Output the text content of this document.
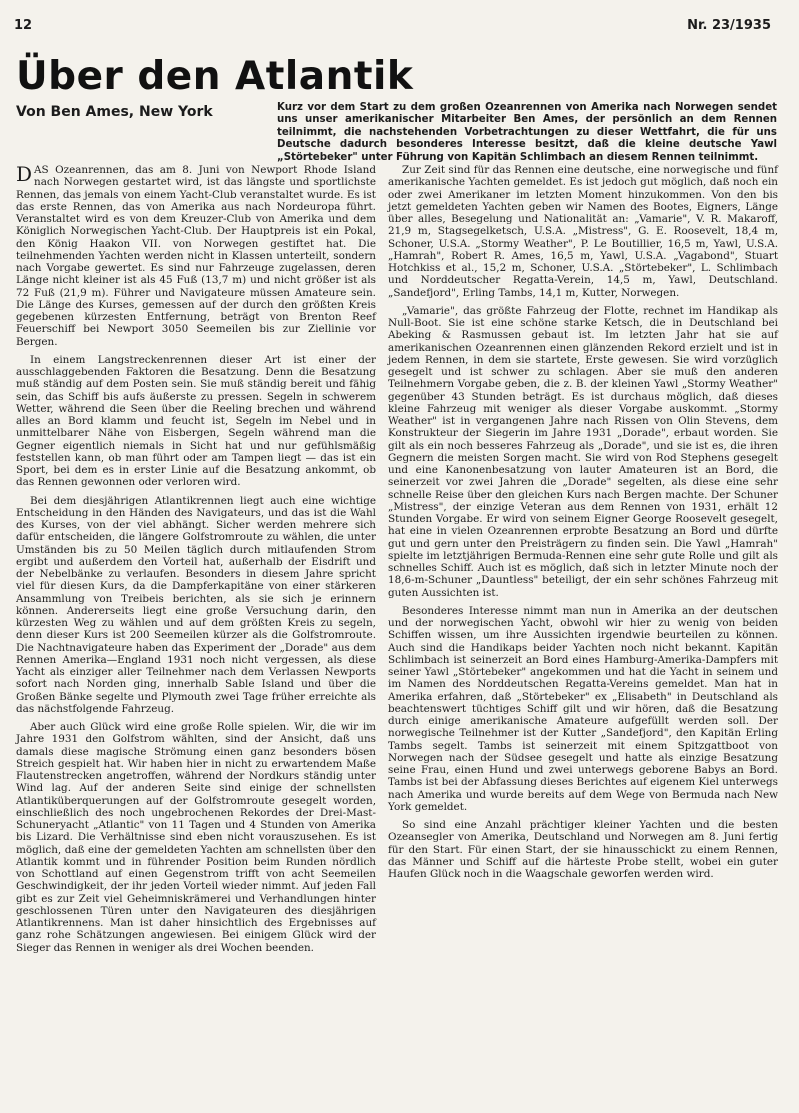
12	Nr. 23/1935
Über den Atlantik
Von Ben Ames, New York	Kurz vor dem Start zu dem großen Ozeanrennen von Amerika nach Norwegen sendet uns unser amerikanischer Mitarbeiter Ben Ames, der persönlich an dem Rennen teilnimmt, die nachstehenden Vorbetrachtungen zu dieser Wettfahrt, die für uns Deutsche dadurch besonderes Interesse besitzt, daß die kleine deutsche Yawl „Störtebeker" unter Führung von Kapitän Schlimbach an diesem Rennen teilnimmt.

DAS Ozeanrennen, das am 8. Juni von Newport Rhode Island nach Norwegen gestartet wird, ist das längste und sportlichste Rennen, das jemals von einem Yacht-Club veranstaltet wurde. Es ist das erste Rennen, das von Amerika aus nach Nordeuropa führt. Veranstaltet wird es von dem Kreuzer-Club von Amerika und dem Königlich Norwegischen Yacht-Club. Der Hauptpreis ist ein Pokal, den König Haakon VII. von Norwegen gestiftet hat. Die teilnehmenden Yachten werden nicht in Klassen unterteilt, sondern nach Vorgabe gewertet. Es sind nur Fahrzeuge zugelassen, deren Länge nicht kleiner ist als 45 Fuß (13,7 m) und nicht größer ist als 72 Fuß (21,9 m). Führer und Navigateure müssen Amateure sein. Die Länge des Kurses, gemessen auf der durch den größten Kreis gegebenen kürzesten Entfernung, beträgt von Brenton Reef Feuerschiff bei Newport 3050 Seemeilen bis zur Ziellinie vor Bergen.

In einem Langstreckenrennen dieser Art ist einer der ausschlaggebenden Faktoren die Besatzung. Denn die Besatzung muß ständig auf dem Posten sein. Sie muß ständig bereit und fähig sein, das Schiff bis aufs äußerste zu pressen. Segeln in schwerem Wetter, während die Seen über die Reeling brechen und während alles an Bord klamm und feucht ist, Segeln im Nebel und in unmittelbarer Nähe von Eisbergen, Segeln während man die Gegner eigentlich niemals in Sicht hat und nur gefühlsmäßig feststellen kann, ob man führt oder am Tampen liegt — das ist ein Sport, bei dem es in erster Linie auf die Besatzung ankommt, ob das Rennen gewonnen oder verloren wird.

Bei dem diesjährigen Atlantikrennen liegt auch eine wichtige Entscheidung in den Händen des Navigateurs, und das ist die Wahl des Kurses, von der viel abhängt. Sicher werden mehrere sich dafür entscheiden, die längere Golfstromroute zu wählen, die unter Umständen bis zu 50 Meilen täglich durch mitlaufenden Strom ergibt und außerdem den Vorteil hat, außerhalb der Eisdrift und der Nebelbänke zu verlaufen. Besonders in diesem Jahre spricht viel für diesen Kurs, da die Dampferkapitäne von einer stärkeren Ansammlung von Treibeis berichten, als sie sich je erinnern können. Andererseits liegt eine große Versuchung darin, den kürzesten Weg zu wählen und auf dem größten Kreis zu segeln, denn dieser Kurs ist 200 Seemeilen kürzer als die Golfstromroute. Die Nachtnavigateure haben das Experiment der „Dorade" aus dem Rennen Amerika—England 1931 noch nicht vergessen, als diese Yacht als einziger aller Teilnehmer nach dem Verlassen Newports sofort nach Norden ging, innerhalb Sable Island und über die Großen Bänke segelte und Plymouth zwei Tage früher erreichte als das nächstfolgende Fahrzeug.

Aber auch Glück wird eine große Rolle spielen. Wir, die wir im Jahre 1931 den Golfstrom wählten, sind der Ansicht, daß uns damals diese magische Strömung einen ganz besonders bösen Streich gespielt hat. Wir haben hier in nicht zu erwartendem Maße Flautenstrecken angetroffen, während der Nordkurs ständig unter Wind lag. Auf der anderen Seite sind einige der schnellsten Atlantiküberquerungen auf der Golfstromroute gesegelt worden, einschließlich des noch ungebrochenen Rekordes der Drei-Mast-Schuneryacht „Atlantic" von 11 Tagen und 4 Stunden von Amerika bis Lizard. Die Verhältnisse sind eben nicht vorauszusehen. Es ist möglich, daß eine der gemeldeten Yachten am schnellsten über den Atlantik kommt und in führender Position beim Runden nördlich von Schottland auf einen Gegenstrom trifft von acht Seemeilen Geschwindigkeit, der ihr jeden Vorteil wieder nimmt. Auf jeden Fall gibt es zur Zeit viel Geheimniskrämerei und Verhandlungen hinter geschlossenen Türen unter den Navigateuren des diesjährigen Atlantikrennens. Man ist daher hinsichtlich des Ergebnisses auf ganz rohe Schätzungen angewiesen. Bei einigem Glück wird der Sieger das Rennen in weniger als drei Wochen beenden.

Zur Zeit sind für das Rennen eine deutsche, eine norwegische und fünf amerikanische Yachten gemeldet. Es ist jedoch gut möglich, daß noch ein oder zwei Amerikaner im letzten Moment hinzukommen. Von den bis jetzt gemeldeten Yachten geben wir Namen des Bootes, Eigners, Länge über alles, Besegelung und Nationalität an: „Vamarie", V. R. Makaroff, 21,9 m, Stagsegelketsch, U.S.A. „Mistress", G. E. Roosevelt, 18,4 m, Schoner, U.S.A. „Stormy Weather", P. Le Boutillier, 16,5 m, Yawl, U.S.A. „Hamrah", Robert R. Ames, 16,5 m, Yawl, U.S.A. „Vagabond", Stuart Hotchkiss et al., 15,2 m, Schoner, U.S.A. „Störtebeker", L. Schlimbach und Norddeutscher Regatta-Verein, 14,5 m, Yawl, Deutschland. „Sandefjord", Erling Tambs, 14,1 m, Kutter, Norwegen.

„Vamarie", das größte Fahrzeug der Flotte, rechnet im Handikap als Null-Boot. Sie ist eine schöne starke Ketsch, die in Deutschland bei Abeking & Rasmussen gebaut ist. Im letzten Jahr hat sie auf amerikanischen Ozeanrennen einen glänzenden Rekord erzielt und ist in jedem Rennen, in dem sie startete, Erste gewesen. Sie wird vorzüglich gesegelt und ist schwer zu schlagen. Aber sie muß den anderen Teilnehmern Vorgabe geben, die z. B. der kleinen Yawl „Stormy Weather" gegenüber 43 Stunden beträgt. Es ist durchaus möglich, daß dieses kleine Fahrzeug mit weniger als dieser Vorgabe auskommt. „Stormy Weather" ist in vergangenen Jahre nach Rissen von Olin Stevens, dem Konstrukteur der Siegerin im Jahre 1931 „Dorade", erbaut worden. Sie gilt als ein noch besseres Fahrzeug als „Dorade", und sie ist es, die ihren Gegnern die meisten Sorgen macht. Sie wird von Rod Stephens gesegelt und eine Kanonenbesatzung von lauter Amateuren ist an Bord, die seinerzeit vor zwei Jahren die „Dorade" segelten, als diese eine sehr schnelle Reise über den gleichen Kurs nach Bergen machte. Der Schuner „Mistress", der einzige Veteran aus dem Rennen von 1931, erhält 12 Stunden Vorgabe. Er wird von seinem Eigner George Roosevelt gesegelt, hat eine in vielen Ozeanrennen erprobte Besatzung an Bord und dürfte gut und gern unter den Preisträgern zu finden sein. Die Yawl „Hamrah" spielte im letztjährigen Bermuda-Rennen eine sehr gute Rolle und gilt als schnelles Schiff. Auch ist es möglich, daß sich in letzter Minute noch der 18,6-m-Schuner „Dauntless" beteiligt, der ein sehr schönes Fahrzeug mit guten Aussichten ist.

Besonderes Interesse nimmt man nun in Amerika an der deutschen und der norwegischen Yacht, obwohl wir hier zu wenig von beiden Schiffen wissen, um ihre Aussichten irgendwie beurteilen zu können. Auch sind die Handikaps beider Yachten noch nicht bekannt. Kapitän Schlimbach ist seinerzeit an Bord eines Hamburg-Amerika-Dampfers mit seiner Yawl „Störtebeker" angekommen und hat die Yacht in seinem und im Namen des Norddeutschen Regatta-Vereins gemeldet. Man hat in Amerika erfahren, daß „Störtebeker" ex „Elisabeth" in Deutschland als beachtenswert tüchtiges Schiff gilt und wir hören, daß die Besatzung durch einige amerikanische Amateure aufgefüllt werden soll. Der norwegische Teilnehmer ist der Kutter „Sandefjord", den Kapitän Erling Tambs segelt. Tambs ist seinerzeit mit einem Spitzgattboot von Norwegen nach der Südsee gesegelt und hatte als einzige Besatzung seine Frau, einen Hund und zwei unterwegs geborene Babys an Bord. Tambs ist bei der Abfassung dieses Berichtes auf eigenem Kiel unterwegs nach Amerika und wurde bereits auf dem Wege von Bermuda nach New York gemeldet.

So sind eine Anzahl prächtiger kleiner Yachten und die besten Ozeansegler von Amerika, Deutschland und Norwegen am 8. Juni fertig für den Start. Für einen Start, der sie hinausschickt zu einem Rennen, das Männer und Schiff auf die härteste Probe stellt, wobei ein guter Haufen Glück noch in die Waagschale geworfen werden wird.
